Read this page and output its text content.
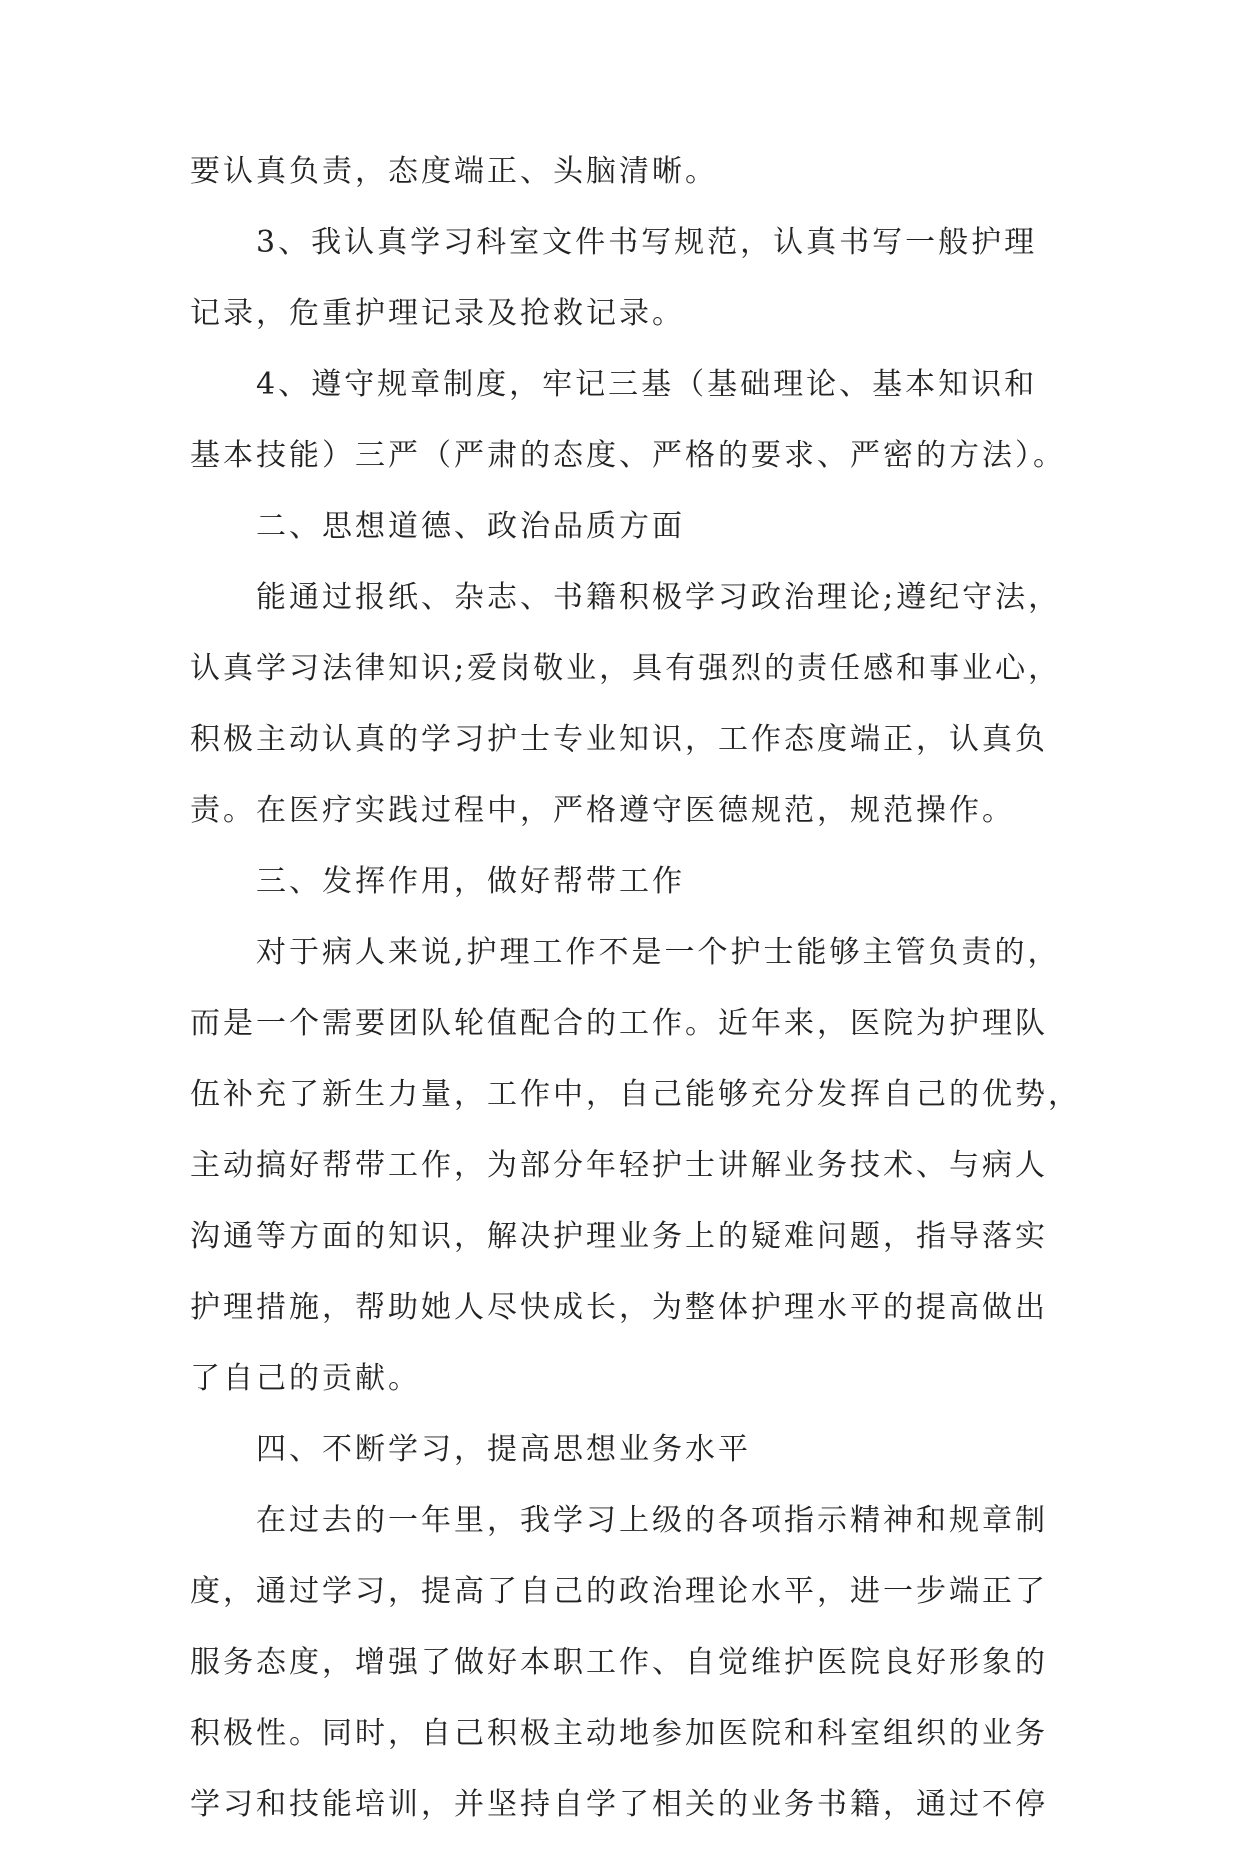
要认真负责，态度端正、头脑清晰。
3、我认真学习科室文件书写规范，认真书写一般护理
记录，危重护理记录及抢救记录。
4、遵守规章制度，牢记三基（基础理论、基本知识和
基本技能）三严（严肃的态度、严格的要求、严密的方法）。
二、思想道德、政治品质方面
能通过报纸、杂志、书籍积极学习政治理论;遵纪守法，
认真学习法律知识;爱岗敬业，具有强烈的责任感和事业心，
积极主动认真的学习护士专业知识，工作态度端正，认真负
责。在医疗实践过程中，严格遵守医德规范，规范操作。
三、发挥作用，做好帮带工作
对于病人来说,护理工作不是一个护士能够主管负责的，
而是一个需要团队轮值配合的工作。近年来，医院为护理队
伍补充了新生力量，工作中，自己能够充分发挥自己的优势，
主动搞好帮带工作，为部分年轻护士讲解业务技术、与病人
沟通等方面的知识，解决护理业务上的疑难问题，指导落实
护理措施，帮助她人尽快成长，为整体护理水平的提高做出
了自己的贡献。
四、不断学习，提高思想业务水平
在过去的一年里，我学习上级的各项指示精神和规章制
度，通过学习，提高了自己的政治理论水平，进一步端正了
服务态度，增强了做好本职工作、自觉维护医院良好形象的
积极性。同时，自己积极主动地参加医院和科室组织的业务
学习和技能培训，并坚持自学了相关的业务书籍，通过不停
